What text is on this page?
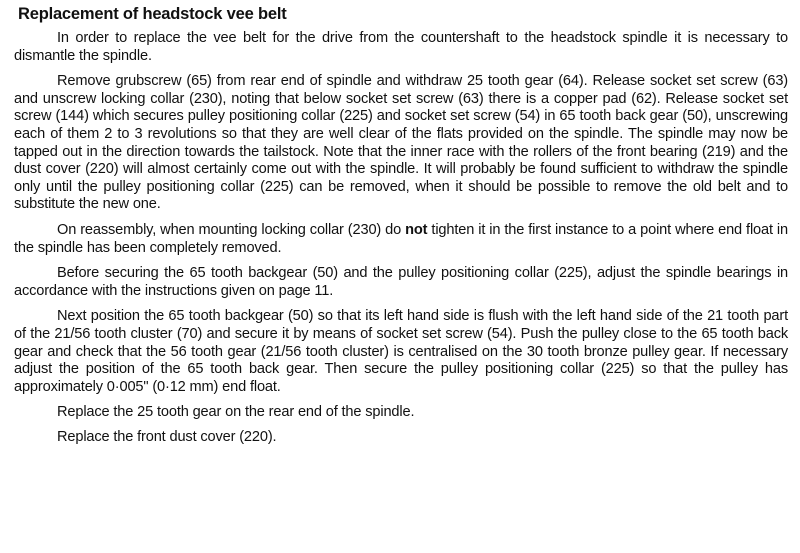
Replacement of headstock vee belt

In order to replace the vee belt for the drive from the countershaft to the headstock spindle it is necessary to dismantle the spindle.

Remove grubscrew (65) from rear end of spindle and withdraw 25 tooth gear (64). Release socket set screw (63) and unscrew locking collar (230), noting that below socket set screw (63) there is a copper pad (62). Release socket set screw (144) which secures pulley positioning collar (225) and socket set screw (54) in 65 tooth back gear (50), unscrewing each of them 2 to 3 revolutions so that they are well clear of the flats provided on the spindle. The spindle may now be tapped out in the direction towards the tailstock. Note that the inner race with the rollers of the front bearing (219) and the dust cover (220) will almost certainly come out with the spindle. It will probably be found sufficient to withdraw the spindle only until the pulley positioning collar (225) can be removed, when it should be possible to remove the old belt and to substitute the new one.

On reassembly, when mounting locking collar (230) do not tighten it in the first instance to a point where end float in the spindle has been completely removed.

Before securing the 65 tooth backgear (50) and the pulley positioning collar (225), adjust the spindle bearings in accordance with the instructions given on page 11.

Next position the 65 tooth backgear (50) so that its left hand side is flush with the left hand side of the 21 tooth part of the 21/56 tooth cluster (70) and secure it by means of socket set screw (54). Push the pulley close to the 65 tooth back gear and check that the 56 tooth gear (21/56 tooth cluster) is centralised on the 30 tooth bronze pulley gear. If necessary adjust the position of the 65 tooth back gear. Then secure the pulley positioning collar (225) so that the pulley has approximately 0·005" (0·12 mm) end float.

Replace the 25 tooth gear on the rear end of the spindle.

Replace the front dust cover (220).
